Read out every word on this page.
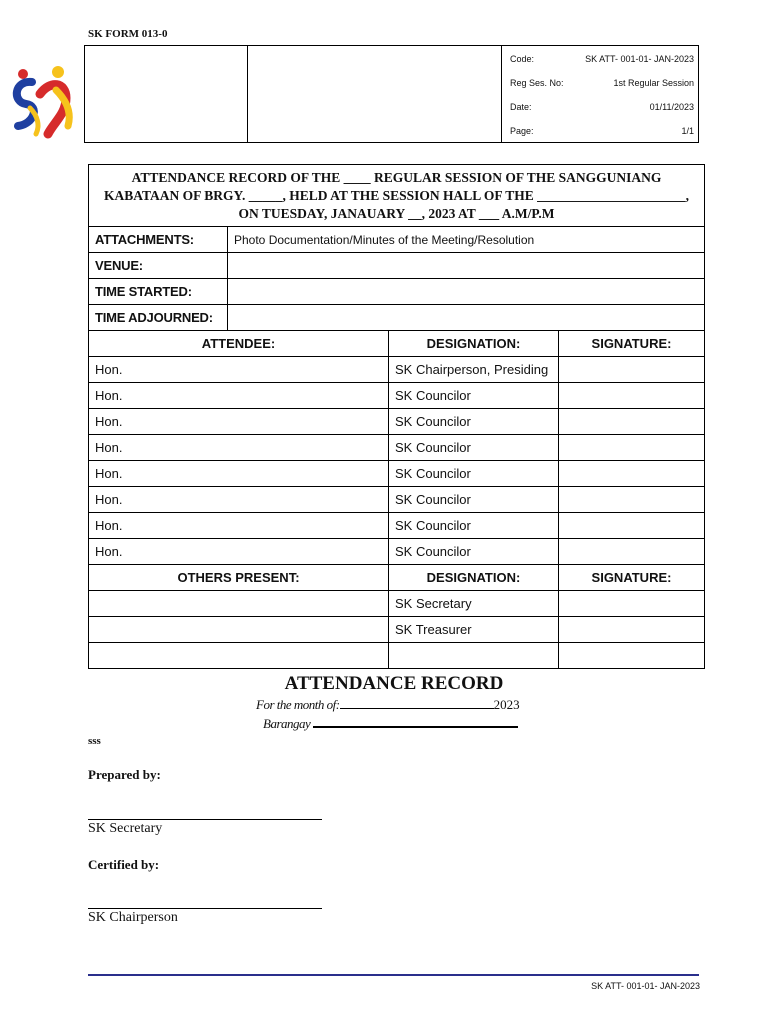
SK FORM 013-0
Code:	SK ATT- 001-01- JAN-2023
Reg Ses. No:	1st Regular Session
Date:	01/11/2023
Page:	1/1
ATTENDANCE RECORD OF THE ____ REGULAR SESSION OF THE SANGGUNIANG KABATAAN OF BRGY. _____, HELD AT THE SESSION HALL OF THE ______________________, ON TUESDAY, JANAUARY __, 2023 AT ___ A.M/P.M			
ATTACHMENTS:	Photo Documentation/Minutes of the Meeting/Resolution		
VENUE:			
TIME STARTED:			
TIME ADJOURNED:			
ATTENDEE:		DESIGNATION:	SIGNATURE:
Hon.		SK Chairperson, Presiding	
Hon.		SK Councilor	
Hon.		SK Councilor	
Hon.		SK Councilor	
Hon.		SK Councilor	
Hon.		SK Councilor	
Hon.		SK Councilor	
Hon.		SK Councilor	
OTHERS PRESENT:		DESIGNATION:	SIGNATURE:
		SK Secretary	
		SK Treasurer	

ATTENDANCE RECORD
For the month of:	2023
Barangay
sss
Prepared by:
SK Secretary
Certified by:
SK Chairperson
SK ATT- 001-01- JAN-2023
